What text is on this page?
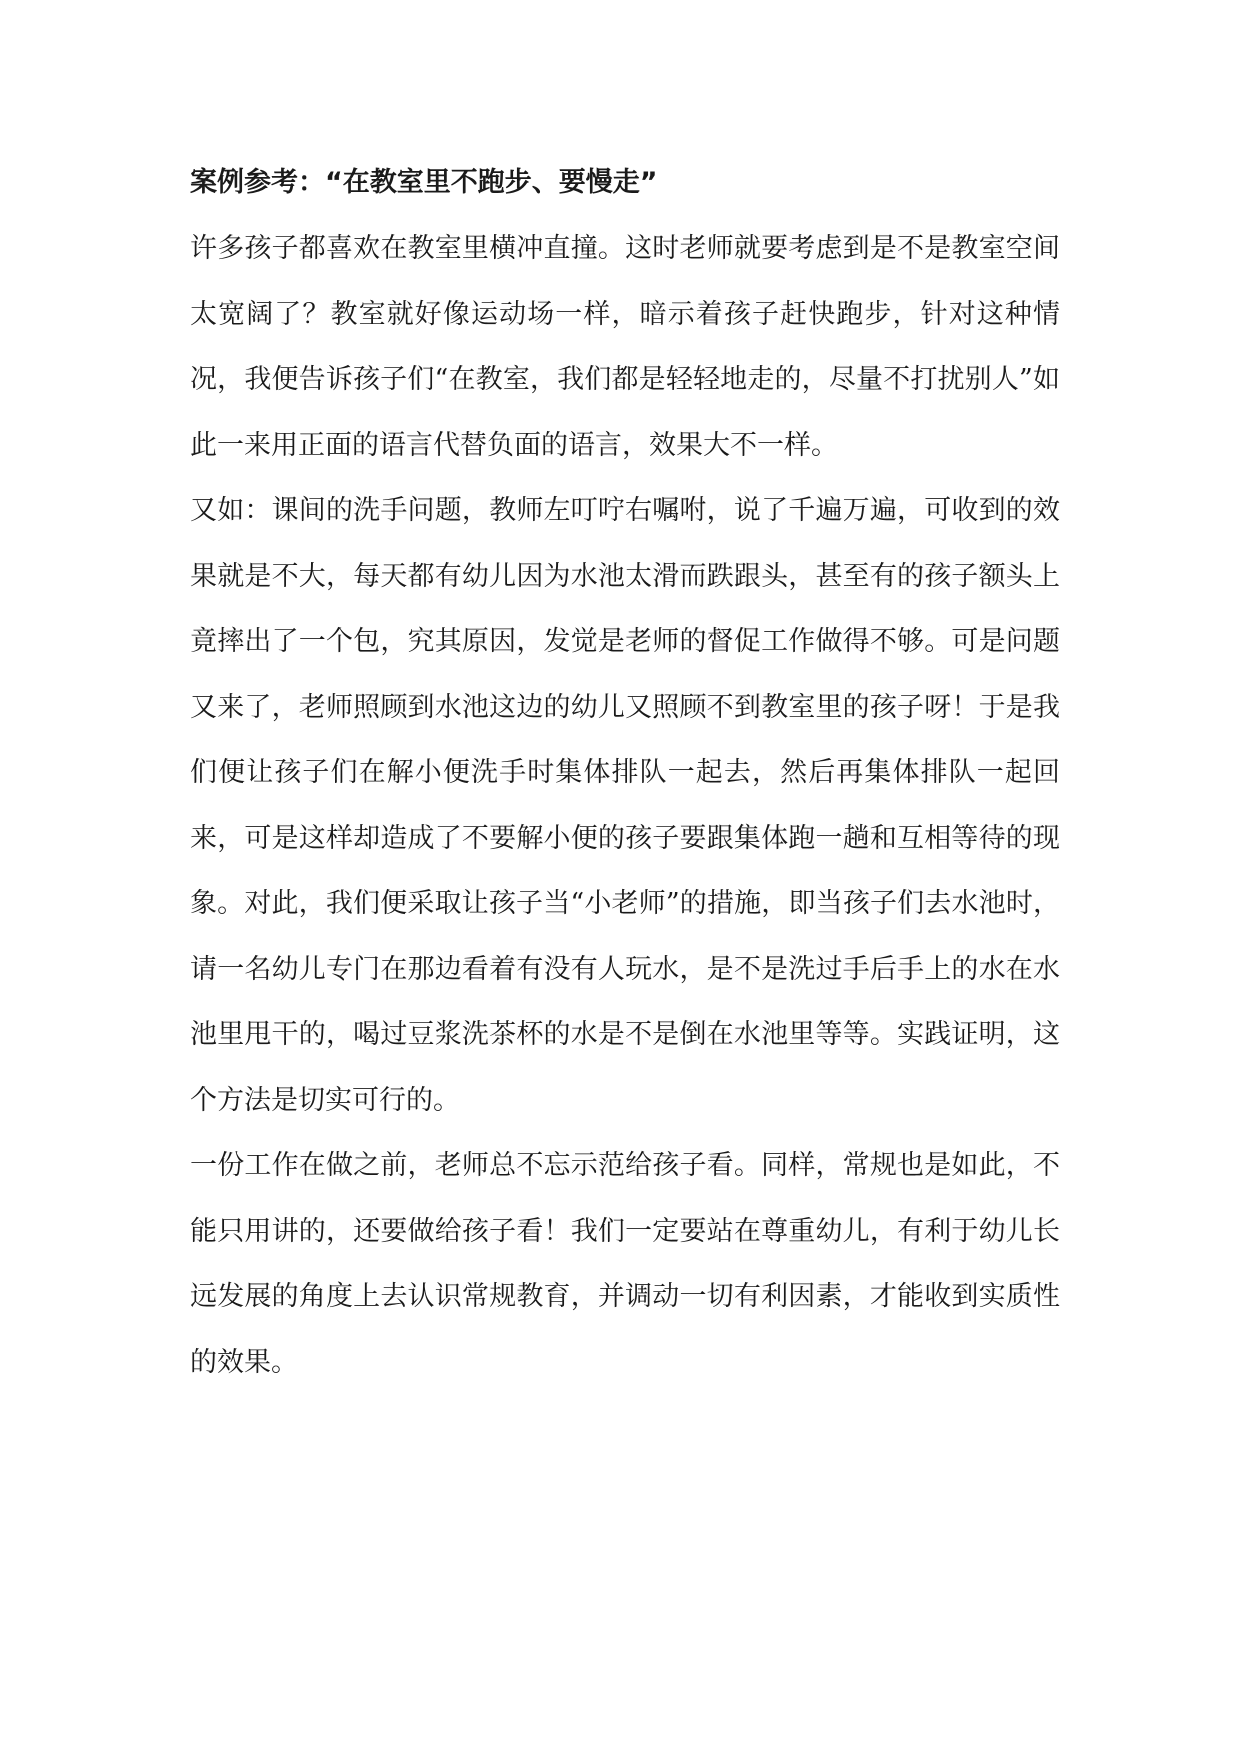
案例参考：“在教室里不跑步、要慢走”

许多孩子都喜欢在教室里横冲直撞。这时老师就要考虑到是不是教室空间太宽阔了？教室就好像运动场一样，暗示着孩子赶快跑步，针对这种情况，我便告诉孩子们“在教室，我们都是轻轻地走的，尽量不打扰别人”如此一来用正面的语言代替负面的语言，效果大不一样。

又如：课间的洗手问题，教师左叮咛右嘱咐，说了千遍万遍，可收到的效果就是不大，每天都有幼儿因为水池太滑而跌跟头，甚至有的孩子额头上竟摔出了一个包，究其原因，发觉是老师的督促工作做得不够。可是问题又来了，老师照顾到水池这边的幼儿又照顾不到教室里的孩子呀！于是我们便让孩子们在解小便洗手时集体排队一起去，然后再集体排队一起回来，可是这样却造成了不要解小便的孩子要跟集体跑一趟和互相等待的现象。对此，我们便采取让孩子当“小老师”的措施，即当孩子们去水池时，请一名幼儿专门在那边看着有没有人玩水，是不是洗过手后手上的水在水池里甩干的，喝过豆浆洗茶杯的水是不是倒在水池里等等。实践证明，这个方法是切实可行的。

一份工作在做之前，老师总不忘示范给孩子看。同样，常规也是如此，不能只用讲的，还要做给孩子看！我们一定要站在尊重幼儿，有利于幼儿长远发展的角度上去认识常规教育，并调动一切有利因素，才能收到实质性的效果。
